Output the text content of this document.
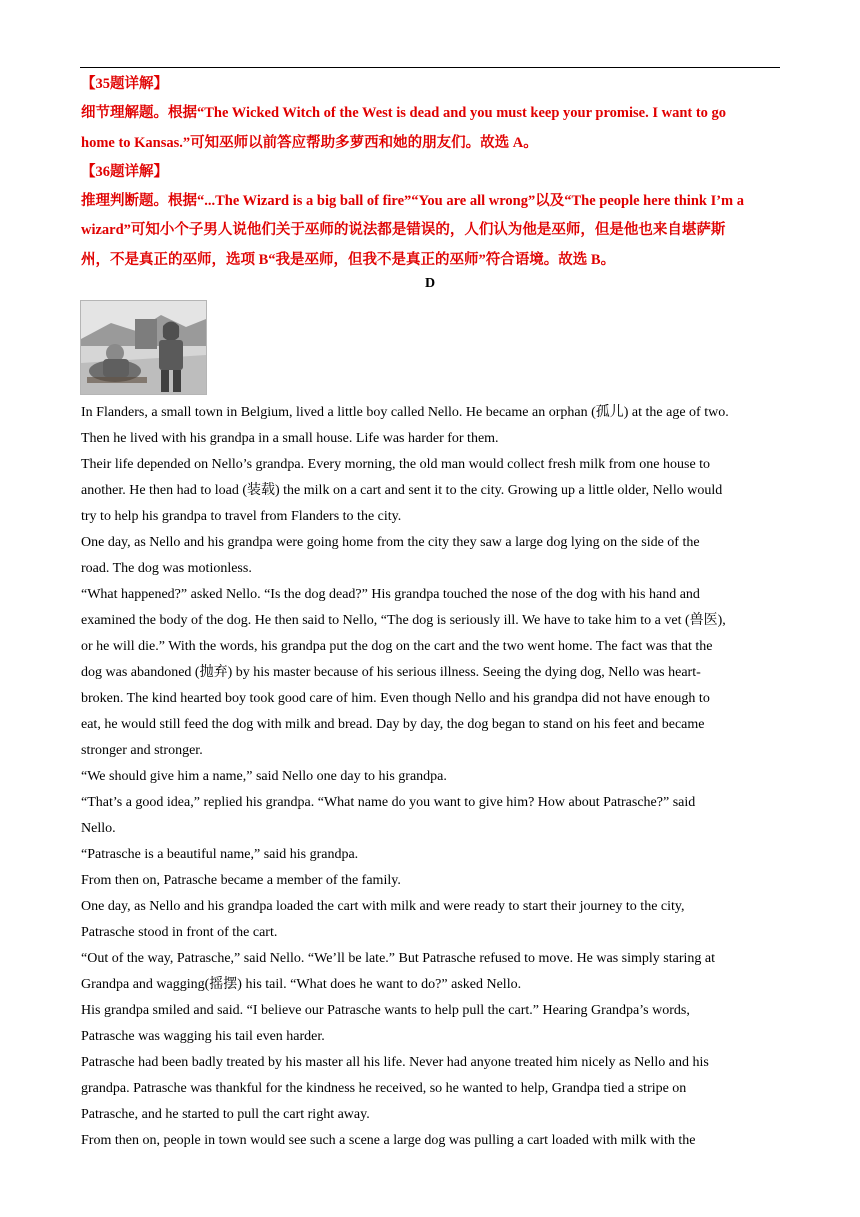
【35题详解】
细节理解题。根据“The Wicked Witch of the West is dead and you must keep your promise. I want to go
home to Kansas.”可知巫师以前答应帮助多萝西和她的朋友们。故选 A。
【36题详解】
推理判断题。根据“...The Wizard is a big ball of fire”“You are all wrong”以及“The people here think I’m a
wizard”可知小个子男人说他们关于巫师的说法都是错误的，人们认为他是巫师，但是他也来自堪萨斯
州，不是真正的巫师，选项 B“我是巫师，但我不是真正的巫师”符合语境。故选 B。
D

In Flanders, a small town in Belgium, lived a little boy called Nello. He became an orphan (孤儿) at the age of two.

Then he lived with his grandpa in a small house. Life was harder for them.

Their life depended on Nello’s grandpa. Every morning, the old man would collect fresh milk from one house to

another. He then had to load (装载) the milk on a cart and sent it to the city. Growing up a little older, Nello would

try to help his grandpa to travel from Flanders to the city.

One day, as Nello and his grandpa were going home from the city they saw a large dog lying on the side of the

road. The dog was motionless.

“What happened?” asked Nello. “Is the dog dead?” His grandpa touched the nose of the dog with his hand and

examined the body of the dog. He then said to Nello, “The dog is seriously ill. We have to take him to a vet (兽医),

or he will die.” With the words, his grandpa put the dog on the cart and the two went home. The fact was that the

dog was abandoned (抛弃) by his master because of his serious illness. Seeing the dying dog, Nello was heart-

broken. The kind hearted boy took good care of him. Even though Nello and his grandpa did not have enough to

eat, he would still feed the dog with milk and bread. Day by day, the dog began to stand on his feet and became

stronger and stronger.

“We should give him a name,” said Nello one day to his grandpa.

“That’s a good idea,” replied his grandpa. “What name do you want to give him? How about Patrasche?” said

Nello.

“Patrasche is a beautiful name,” said his grandpa.

From then on, Patrasche became a member of the family.

One day, as Nello and his grandpa loaded the cart with milk and were ready to start their journey to the city,

Patrasche stood in front of the cart.

“Out of the way, Patrasche,” said Nello. “We’ll be late.” But Patrasche refused to move. He was simply staring at

Grandpa and wagging(摇摆) his tail. “What does he want to do?” asked Nello.

His grandpa smiled and said. “I believe our Patrasche wants to help pull the cart.” Hearing Grandpa’s words,

Patrasche was wagging his tail even harder.

Patrasche had been badly treated by his master all his life. Never had anyone treated him nicely as Nello and his

grandpa. Patrasche was thankful for the kindness he received, so he wanted to help, Grandpa tied a stripe on

Patrasche, and he started to pull the cart right away.

From then on, people in town would see such a scene a large dog was pulling a cart loaded with milk with the
